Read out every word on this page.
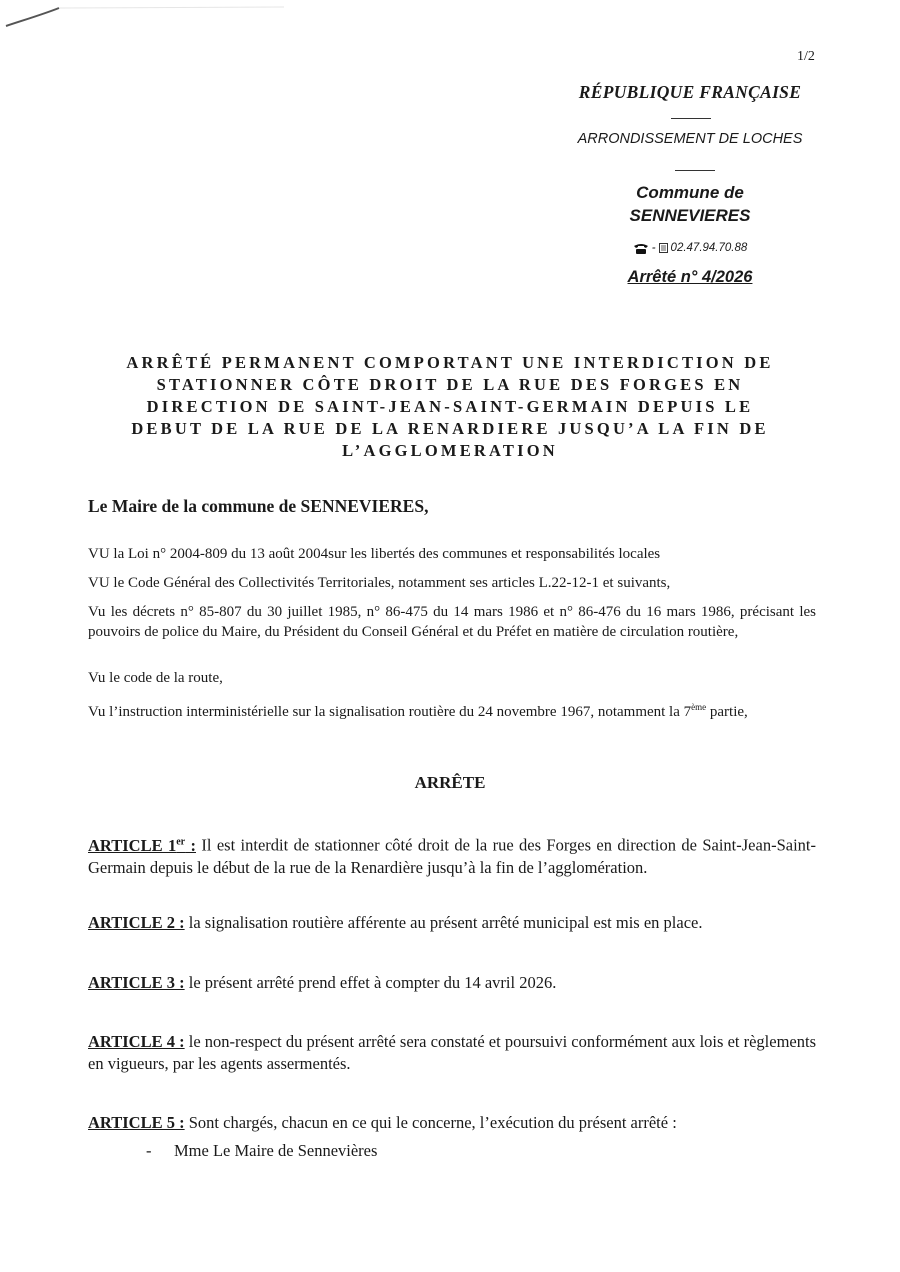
1/2
RÉPUBLIQUE FRANÇAISE
ARRONDISSEMENT DE LOCHES
Commune de
SENNEVIERES
- 02.47.94.70.88
Arrêté n° 4/2026
ARRÊTÉ PERMANENT COMPORTANT UNE INTERDICTION DE
STATIONNER CÔTE DROIT DE LA RUE DES FORGES EN
DIRECTION DE SAINT-JEAN-SAINT-GERMAIN DEPUIS LE
DEBUT DE LA RUE DE LA RENARDIERE JUSQU’A LA FIN DE
L’AGGLOMERATION
Le Maire de la commune de SENNEVIERES,
VU la Loi n° 2004-809 du 13 août 2004sur les libertés des communes et responsabilités locales
VU le Code Général des Collectivités Territoriales, notamment ses articles L.22-12-1 et suivants,
Vu les décrets n° 85-807 du 30 juillet 1985, n° 86-475 du 14 mars 1986 et n° 86-476 du 16 mars 1986, précisant les pouvoirs de police du Maire, du Président du Conseil Général et du Préfet en matière de circulation routière,
Vu le code de la route,
Vu l’instruction interministérielle sur la signalisation routière du 24 novembre 1967, notamment la 7ème partie,
ARRÊTE
ARTICLE 1er : Il est interdit de stationner côté droit de la rue des Forges en direction de Saint-Jean-Saint-Germain depuis le début de la rue de la Renardière jusqu’à la fin de l’agglomération.
ARTICLE 2 : la signalisation routière afférente au présent arrêté municipal est mis en place.
ARTICLE 3 : le présent arrêté prend effet à compter du 14 avril 2026.
ARTICLE 4 : le non-respect du présent arrêté sera constaté et poursuivi conformément aux lois et règlements en vigueurs, par les agents assermentés.
ARTICLE 5 : Sont chargés, chacun en ce qui le concerne, l’exécution du présent arrêté :
- Mme Le Maire de Sennevières
